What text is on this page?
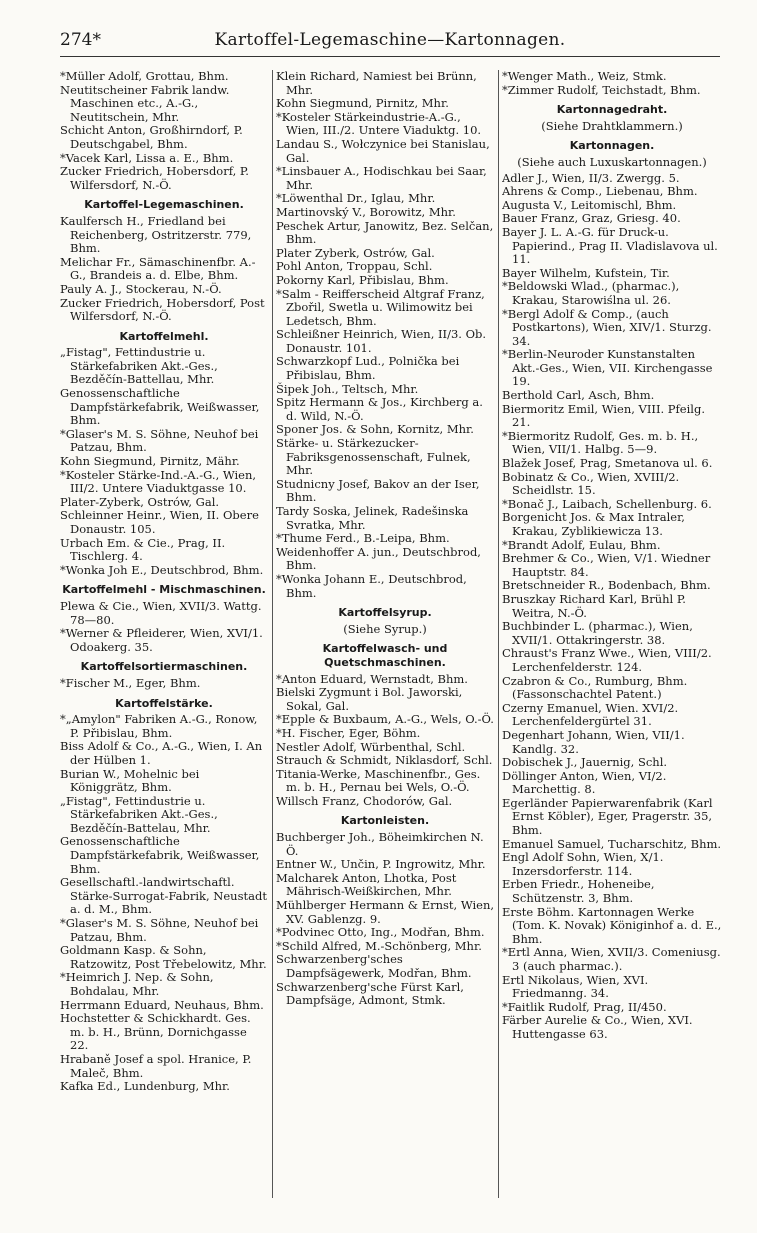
274*	Kartoffel-Legemaschine—Kartonnagen.

*Müller Adolf, Grottau, Bhm.

Neutitscheiner Fabrik landw. Maschinen etc., A.-G., Neutitschein, Mhr.

Schicht Anton, Großhirndorf, P. Deutschgabel, Bhm.

*Vacek Karl, Lissa a. E., Bhm.

Zucker Friedrich, Hobersdorf, P. Wilfersdorf, N.-Ö.

Kartoffel-Legemaschinen.

Kaulfersch H., Friedland bei Reichenberg, Ostritzerstr. 779, Bhm.

Melichar Fr., Sämaschinenfbr. A.-G., Brandeis a. d. Elbe, Bhm.

Pauly A. J., Stockerau, N.-Ö.

Zucker Friedrich, Hobersdorf, Post Wilfersdorf, N.-Ö.

Kartoffelmehl.

„Fistag", Fettindustrie u. Stärkefabriken Akt.-Ges., Bezděčín-Battellau, Mhr.

Genossenschaftliche Dampfstärkefabrik, Weißwasser, Bhm.

*Glaser's M. S. Söhne, Neuhof bei Patzau, Bhm.

Kohn Siegmund, Pirnitz, Mähr.

*Kosteler Stärke-Ind.-A.-G., Wien, III/2. Untere Viaduktgasse 10.

Plater-Zyberk, Ostrów, Gal.

Schleinner Heinr., Wien, II. Obere Donaustr. 105.

Urbach Em. & Cie., Prag, II. Tischlerg. 4.

*Wonka Joh E., Deutschbrod, Bhm.

Kartoffelmehl - Mischmaschinen.

Plewa & Cie., Wien, XVII/3. Wattg. 78—80.

*Werner & Pfleiderer, Wien, XVI/1. Odoakerg. 35.

Kartoffelsortiermaschinen.

*Fischer M., Eger, Bhm.

Kartoffelstärke.

*„Amylon" Fabriken A.-G., Ronow, P. Přibislau, Bhm.

Biss Adolf & Co., A.-G., Wien, I. An der Hülben 1.

Burian W., Mohelnic bei Königgrätz, Bhm.

„Fistag", Fettindustrie u. Stärkefabriken Akt.-Ges., Bezděčín-Battelau, Mhr.

Genossenschaftliche Dampfstärkefabrik, Weißwasser, Bhm.

Gesellschaftl.-landwirtschaftl. Stärke-Surrogat-Fabrik, Neustadt a. d. M., Bhm.

*Glaser's M. S. Söhne, Neuhof bei Patzau, Bhm.

Goldmann Kasp. & Sohn, Ratzowitz, Post Třebelowitz, Mhr.

*Heimrich J. Nep. & Sohn, Bohdalau, Mhr.

Herrmann Eduard, Neuhaus, Bhm.

Hochstetter & Schickhardt. Ges. m. b. H., Brünn, Dornichgasse 22.

Hrabaně Josef a spol. Hranice, P. Maleč, Bhm.

Kafka Ed., Lundenburg, Mhr.

Klein Richard, Namiest bei Brünn, Mhr.

Kohn Siegmund, Pirnitz, Mhr.

*Kosteler Stärkeindustrie-A.-G., Wien, III./2. Untere Viaduktg. 10.

Landau S., Wołczynice bei Stanislau, Gal.

*Linsbauer A., Hodischkau bei Saar, Mhr.

*Löwenthal Dr., Iglau, Mhr.

Martinovský V., Borowitz, Mhr.

Peschek Artur, Janowitz, Bez. Selčan, Bhm.

Plater Zyberk, Ostrów, Gal.

Pohl Anton, Troppau, Schl.

Pokorny Karl, Přibislau, Bhm.

*Salm - Reifferscheid Altgraf Franz, Zbořil, Swetla u. Wilimowitz bei Ledetsch, Bhm.

Schleißner Heinrich, Wien, II/3. Ob. Donaustr. 101.

Schwarzkopf Lud., Polnička bei Přibislau, Bhm.

Šipek Joh., Teltsch, Mhr.

Spitz Hermann & Jos., Kirchberg a. d. Wild, N.-Ö.

Sponer Jos. & Sohn, Kornitz, Mhr.

Stärke- u. Stärkezucker-Fabriksgenossenschaft, Fulnek, Mhr.

Studnicny Josef, Bakov an der Iser, Bhm.

Tardy Soska, Jelinek, Radešinska Svratka, Mhr.

*Thume Ferd., B.-Leipa, Bhm.

Weidenhoffer A. jun., Deutschbrod, Bhm.

*Wonka Johann E., Deutschbrod, Bhm.

Kartoffelsyrup.

(Siehe Syrup.)

Kartoffelwasch- und Quetschmaschinen.

*Anton Eduard, Wernstadt, Bhm.

Bielski Zygmunt i Bol. Jaworski, Sokal, Gal.

*Epple & Buxbaum, A.-G., Wels, O.-Ö.

*H. Fischer, Eger, Böhm.

Nestler Adolf, Würbenthal, Schl.

Strauch & Schmidt, Niklasdorf, Schl.

Titania-Werke, Maschinenfbr., Ges. m. b. H., Pernau bei Wels, O.-Ö.

Willsch Franz, Chodorów, Gal.

Kartonleisten.

Buchberger Joh., Böheimkirchen N. Ö.

Entner W., Unčin, P. Ingrowitz, Mhr.

Malcharek Anton, Lhotka, Post Mährisch-Weißkirchen, Mhr.

Mühlberger Hermann & Ernst, Wien, XV. Gablenzg. 9.

*Podvinec Otto, Ing., Modřan, Bhm.

*Schild Alfred, M.-Schönberg, Mhr.

Schwarzenberg'sches Dampfsägewerk, Modřan, Bhm.

Schwarzenberg'sche Fürst Karl, Dampfsäge, Admont, Stmk.

*Wenger Math., Weiz, Stmk.

*Zimmer Rudolf, Teichstadt, Bhm.

Kartonnagedraht.

(Siehe Drahtklammern.)

Kartonnagen.

(Siehe auch Luxuskartonnagen.)

Adler J., Wien, II/3. Zwergg. 5.

Ahrens & Comp., Liebenau, Bhm.

Augusta V., Leitomischl, Bhm.

Bauer Franz, Graz, Griesg. 40.

Bayer J. L. A.-G. für Druck-u. Papierind., Prag II. Vladislavova ul. 11.

Bayer Wilhelm, Kufstein, Tir.

*Beldowski Wlad., (pharmac.), Krakau, Starowiślna ul. 26.

*Bergl Adolf & Comp., (auch Postkartons), Wien, XIV/1. Sturzg. 34.

*Berlin-Neuroder Kunstanstalten Akt.-Ges., Wien, VII. Kirchengasse 19.

Berthold Carl, Asch, Bhm.

Biermoritz Emil, Wien, VIII. Pfeilg. 21.

*Biermoritz Rudolf, Ges. m. b. H., Wien, VII/1. Halbg. 5—9.

Blažek Josef, Prag, Smetanova ul. 6.

Bobinatz & Co., Wien, XVIII/2. Scheidlstr. 15.

*Bonač J., Laibach, Schellenburg. 6.

Borgenicht Jos. & Max Intraler, Krakau, Zyblikiewicza 13.

*Brandt Adolf, Eulau, Bhm.

Brehmer & Co., Wien, V/1. Wiedner Hauptstr. 84.

Bretschneider R., Bodenbach, Bhm.

Bruszkay Richard Karl, Brühl P. Weitra, N.-Ö.

Buchbinder L. (pharmac.), Wien, XVII/1. Ottakringerstr. 38.

Chraust's Franz Wwe., Wien, VIII/2. Lerchenfelderstr. 124.

Czabron & Co., Rumburg, Bhm. (Fassonschachtel Patent.)

Czerny Emanuel, Wien. XVI/2. Lerchenfeldergürtel 31.

Degenhart Johann, Wien, VII/1. Kandlg. 32.

Dobischek J., Jauernig, Schl.

Döllinger Anton, Wien, VI/2. Marchettig. 8.

Egerländer Papierwarenfabrik (Karl Ernst Köbler), Eger, Pragerstr. 35, Bhm.

Emanuel Samuel, Tucharschitz, Bhm.

Engl Adolf Sohn, Wien, X/1. Inzersdorferstr. 114.

Erben Friedr., Hoheneibe, Schützenstr. 3, Bhm.

Erste Böhm. Kartonnagen Werke (Tom. K. Novak) Königinhof a. d. E., Bhm.

*Ertl Anna, Wien, XVII/3. Comeniusg. 3 (auch pharmac.).

Ertl Nikolaus, Wien, XVI. Friedmanng. 34.

*Faitlik Rudolf, Prag, II/450.

Färber Aurelie & Co., Wien, XVI. Huttengasse 63.
